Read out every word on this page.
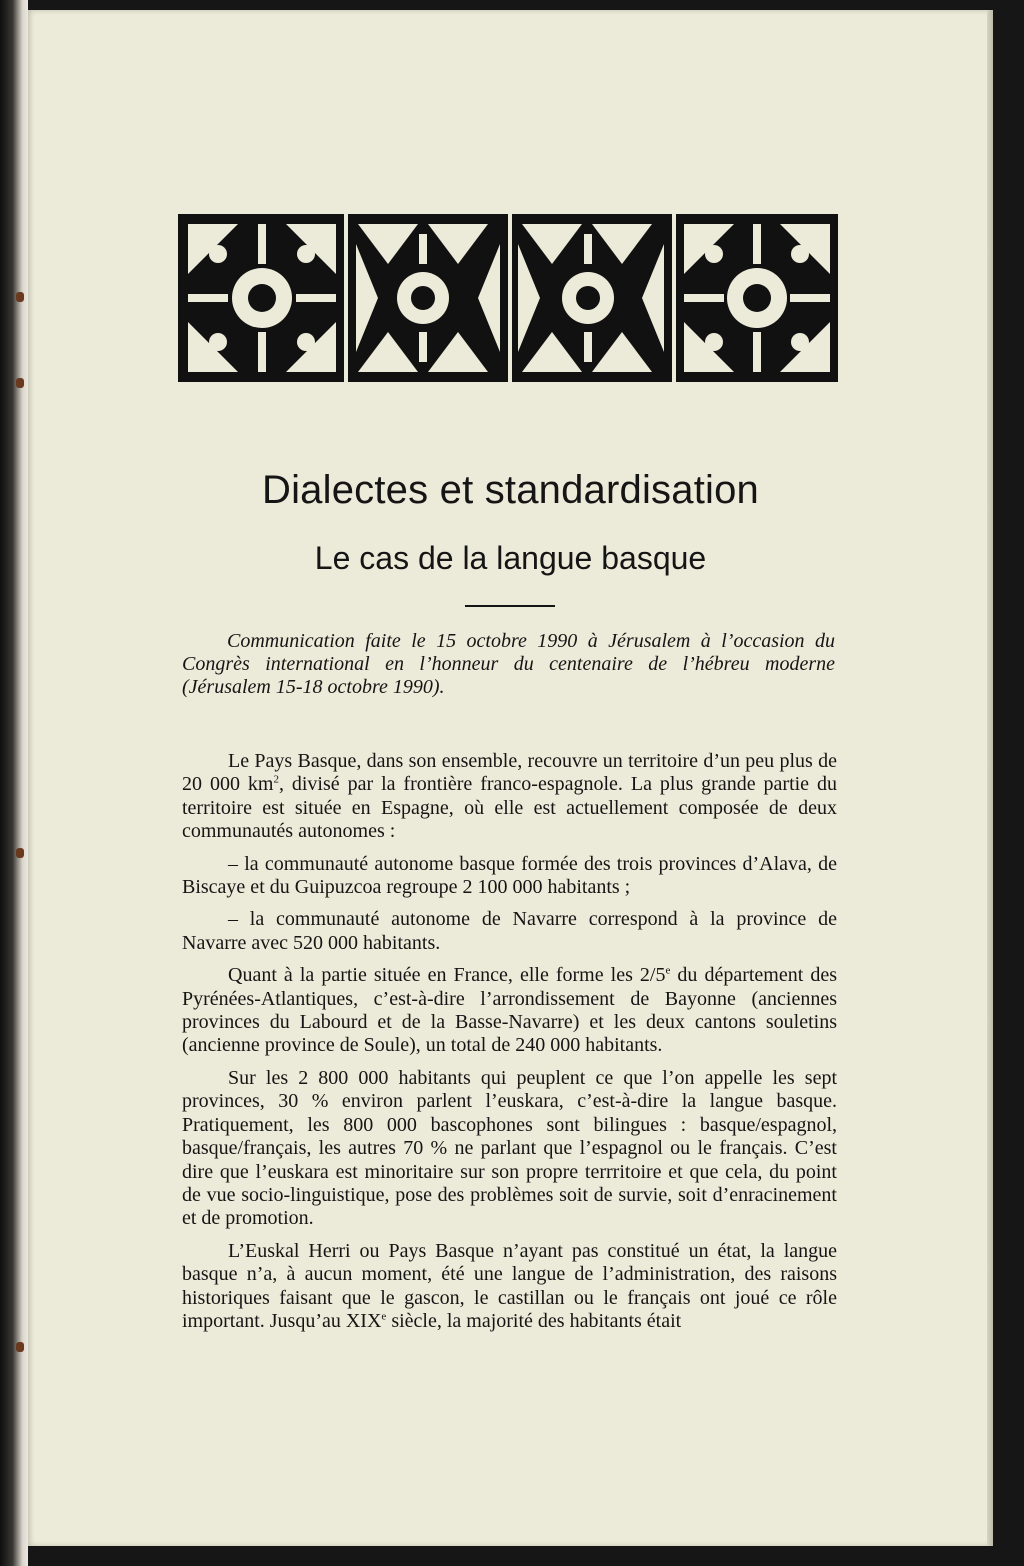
Dialectes et standardisation
Le cas de la langue basque

Communication faite le 15 octobre 1990 à Jérusalem à l’occasion du Congrès international en l’honneur du centenaire de l’hébreu moderne (Jérusalem 15-18 octobre 1990).

Le Pays Basque, dans son ensemble, recouvre un territoire d’un peu plus de 20 000 $km^2$, divisé par la frontière franco-espagnole. La plus grande partie du territoire est située en Espagne, où elle est actuellement composée de deux communautés autonomes :

– la communauté autonome basque formée des trois provinces d’Alava, de Biscaye et du Guipuzcoa regroupe 2 100 000 habitants ;

– la communauté autonome de Navarre correspond à la province de Navarre avec 520 000 habitants.

Quant à la partie située en France, elle forme les 2/5e du département des Pyrénées-Atlantiques, c’est-à-dire l’arrondissement de Bayonne (anciennes provinces du Labourd et de la Basse-Navarre) et les deux cantons souletins (ancienne province de Soule), un total de 240 000 habitants.

Sur les 2 800 000 habitants qui peuplent ce que l’on appelle les sept provinces, 30 % environ parlent l’euskara, c’est-à-dire la langue basque. Pratiquement, les 800 000 bascophones sont bilingues : basque/espagnol, basque/français, les autres 70 % ne parlant que l’espagnol ou le français. C’est dire que l’euskara est minoritaire sur son propre terrritoire et que cela, du point de vue socio-linguistique, pose des problèmes soit de survie, soit d’enracinement et de promotion.

L’Euskal Herri ou Pays Basque n’ayant pas constitué un état, la langue basque n’a, à aucun moment, été une langue de l’administration, des raisons historiques faisant que le gascon, le castillan ou le français ont joué ce rôle important. Jusqu’au XIXe siècle, la majorité des habitants était
